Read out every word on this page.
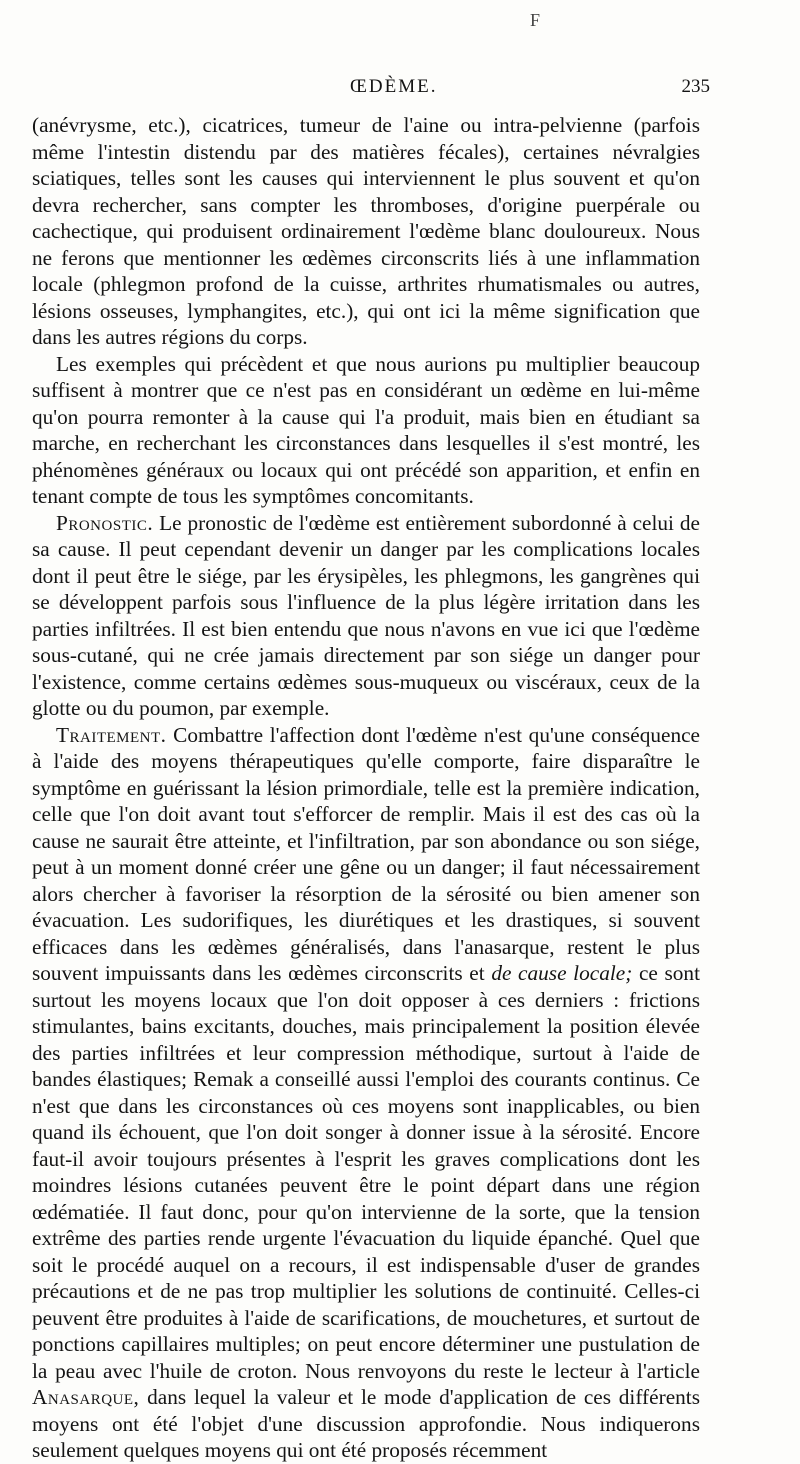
F
ŒDÈME.	235

(anévrysme, etc.), cicatrices, tumeur de l'aine ou intra-pelvienne (parfois même l'intestin distendu par des matières fécales), certaines névralgies sciatiques, telles sont les causes qui interviennent le plus souvent et qu'on devra rechercher, sans compter les thromboses, d'origine puerpérale ou cachectique, qui produisent ordinairement l'œdème blanc douloureux. Nous ne ferons que mentionner les œdèmes circonscrits liés à une inflammation locale (phlegmon profond de la cuisse, arthrites rhumatismales ou autres, lésions osseuses, lymphangites, etc.), qui ont ici la même signification que dans les autres régions du corps.

Les exemples qui précèdent et que nous aurions pu multiplier beaucoup suffisent à montrer que ce n'est pas en considérant un œdème en lui-même qu'on pourra remonter à la cause qui l'a produit, mais bien en étudiant sa marche, en recherchant les circonstances dans lesquelles il s'est montré, les phénomènes généraux ou locaux qui ont précédé son apparition, et enfin en tenant compte de tous les symptômes concomitants.

Pronostic. Le pronostic de l'œdème est entièrement subordonné à celui de sa cause. Il peut cependant devenir un danger par les complications locales dont il peut être le siége, par les érysipèles, les phlegmons, les gangrènes qui se développent parfois sous l'influence de la plus légère irritation dans les parties infiltrées. Il est bien entendu que nous n'avons en vue ici que l'œdème sous-cutané, qui ne crée jamais directement par son siége un danger pour l'existence, comme certains œdèmes sous-muqueux ou viscéraux, ceux de la glotte ou du poumon, par exemple.

Traitement. Combattre l'affection dont l'œdème n'est qu'une conséquence à l'aide des moyens thérapeutiques qu'elle comporte, faire disparaître le symptôme en guérissant la lésion primordiale, telle est la première indication, celle que l'on doit avant tout s'efforcer de remplir. Mais il est des cas où la cause ne saurait être atteinte, et l'infiltration, par son abondance ou son siége, peut à un moment donné créer une gêne ou un danger; il faut nécessairement alors chercher à favoriser la résorption de la sérosité ou bien amener son évacuation. Les sudorifiques, les diurétiques et les drastiques, si souvent efficaces dans les œdèmes généralisés, dans l'anasarque, restent le plus souvent impuissants dans les œdèmes circonscrits et de cause locale; ce sont surtout les moyens locaux que l'on doit opposer à ces derniers : frictions stimulantes, bains excitants, douches, mais principalement la position élevée des parties infiltrées et leur compression méthodique, surtout à l'aide de bandes élastiques; Remak a conseillé aussi l'emploi des courants continus. Ce n'est que dans les circonstances où ces moyens sont inapplicables, ou bien quand ils échouent, que l'on doit songer à donner issue à la sérosité. Encore faut-il avoir toujours présentes à l'esprit les graves complications dont les moindres lésions cutanées peuvent être le point départ dans une région œdématiée. Il faut donc, pour qu'on intervienne de la sorte, que la tension extrême des parties rende urgente l'évacuation du liquide épanché. Quel que soit le procédé auquel on a recours, il est indispensable d'user de grandes précautions et de ne pas trop multiplier les solutions de continuité. Celles-ci peuvent être produites à l'aide de scarifications, de mouchetures, et surtout de ponctions capillaires multiples; on peut encore déterminer une pustulation de la peau avec l'huile de croton. Nous renvoyons du reste le lecteur à l'article Anasarque, dans lequel la valeur et le mode d'application de ces différents moyens ont été l'objet d'une discussion approfondie. Nous indiquerons seulement quelques moyens qui ont été proposés récemment
